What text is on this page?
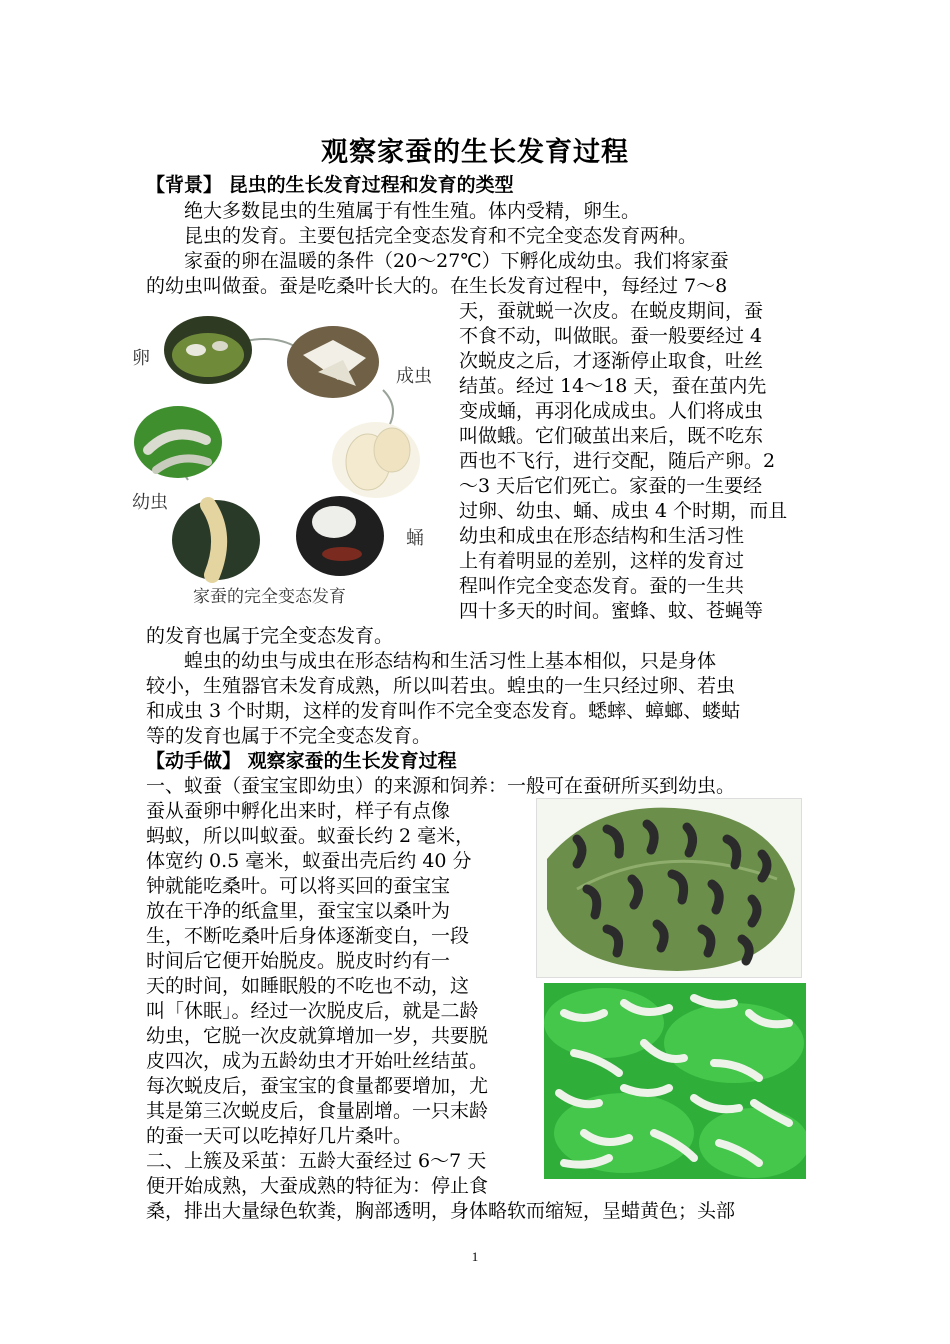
观察家蚕的生长发育过程
【背景】 昆虫的生长发育过程和发育的类型
　　绝大多数昆虫的生殖属于有性生殖。体内受精，卵生。
　　昆虫的发育。主要包括完全变态发育和不完全变态发育两种。
　　家蚕的卵在温暖的条件（20～27℃）下孵化成幼虫。我们将家蚕
的幼虫叫做蚕。蚕是吃桑叶长大的。在生长发育过程中，每经过 7～8
天，蚕就蜕一次皮。在蜕皮期间，蚕
不食不动，叫做眠。蚕一般要经过 4
次蜕皮之后，才逐渐停止取食，吐丝
结茧。经过 14～18 天，蚕在茧内先
变成蛹，再羽化成成虫。人们将成虫
叫做蛾。它们破茧出来后，既不吃东
西也不飞行，进行交配，随后产卵。2
～3 天后它们死亡。家蚕的一生要经
过卵、幼虫、蛹、成虫 4 个时期，而且
幼虫和成虫在形态结构和生活习性
上有着明显的差别，这样的发育过
程叫作完全变态发育。蚕的一生共
四十多天的时间。蜜蜂、蚊、苍蝇等
卵
成虫
幼虫
蛹
家蚕的完全变态发育
的发育也属于完全变态发育。
　　蝗虫的幼虫与成虫在形态结构和生活习性上基本相似，只是身体
较小，生殖器官未发育成熟，所以叫若虫。蝗虫的一生只经过卵、若虫
和成虫 3 个时期，这样的发育叫作不完全变态发育。蟋蟀、蟑螂、蝼蛄
等的发育也属于不完全变态发育。
【动手做】 观察家蚕的生长发育过程
一、蚁蚕（蚕宝宝即幼虫）的来源和饲养：一般可在蚕研所买到幼虫。
蚕从蚕卵中孵化出来时，样子有点像
蚂蚁，所以叫蚁蚕。蚁蚕长约 2 毫米，
体宽约 0.5 毫米，蚁蚕出壳后约 40 分
钟就能吃桑叶。可以将买回的蚕宝宝
放在干净的纸盒里，蚕宝宝以桑叶为
生，不断吃桑叶后身体逐渐变白，一段
时间后它便开始脱皮。脱皮时约有一
天的时间，如睡眠般的不吃也不动，这
叫「休眠」。经过一次脱皮后，就是二龄
幼虫，它脱一次皮就算增加一岁，共要脱
皮四次，成为五龄幼虫才开始吐丝结茧。
每次蜕皮后，蚕宝宝的食量都要增加，尤
其是第三次蜕皮后，食量剧增。一只末龄
的蚕一天可以吃掉好几片桑叶。
二、上簇及采茧：五龄大蚕经过 6～7 天
便开始成熟，大蚕成熟的特征为：停止食
桑，排出大量绿色软粪，胸部透明，身体略软而缩短，呈蜡黄色；头部
1
